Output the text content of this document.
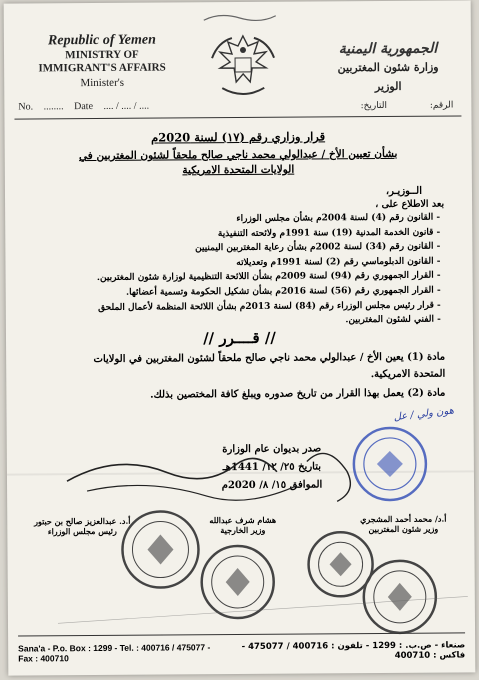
Republic of Yemen
MINISTRY OF
IMMIGRANT'S AFFAIRS
Minister's
No. ........ Date .... / .... / ....
الجمهورية اليمنية
وزارة شئون المغتربين
الوزير
الرقم: التاريخ:
قرار وزاري رقم (١٧) لسنة 2020م
بشأن تعيين الأخ / عبدالولي محمد ناجي صالح ملحقاً لشئون المغتربين في
الولايات المتحدة الامريكية
الــوزيـر،
بعد الاطلاع على ،
- القانون رقم (4) لسنة 2004م بشأن مجلس الوزراء
- قانون الخدمة المدنية (19) سنة 1991م ولائحته التنفيذية
- القانون رقم (34) لسنة 2002م بشأن رعاية المغتربين اليمنيين
- القانون الدبلوماسي رقم (2) لسنة 1991م وتعديلاته
- القرار الجمهوري رقم (94) لسنة 2009م بشأن اللائحة التنظيمية لوزارة شئون المغتربين.
- القرار الجمهوري رقم (56) لسنة 2016م بشأن تشكيل الحكومة وتسمية أعضائها.
- قرار رئيس مجلس الوزراء رقم (84) لسنة 2013م بشأن اللائحة المنظمة لأعمال الملحق
- الفني لشئون المغتربين.
// قــــرر //
مادة (1) يعين الأخ / عبدالولي محمد ناجي صالح ملحقاً لشئون المغتربين في الولايات
المتحدة الامريكية.
مادة (2) يعمل بهذا القرار من تاريخ صدوره ويبلغ كافة المختصين بذلك.
هون ولي / عل
صدر بديوان عام الوزارة
بتاريخ ٢٥/ ١٢/ 1441هـ
الموافق ١٥/ ٨/ 2020م
أ.د/ محمد أحمد المشجري
هشام شرف عبدالله
أ.د. عبدالعزيز صالح بن حبتور
وزير شئون المغتربين
وزير الخارجية
رئيس مجلس الوزراء
Sana'a - P.o. Box : 1299 - Tel. : 400716 / 475077 - Fax : 400710
صنعاء - ص.ب. : 1299 - تلفون : 400716 / 475077 - فاكس : 400710
